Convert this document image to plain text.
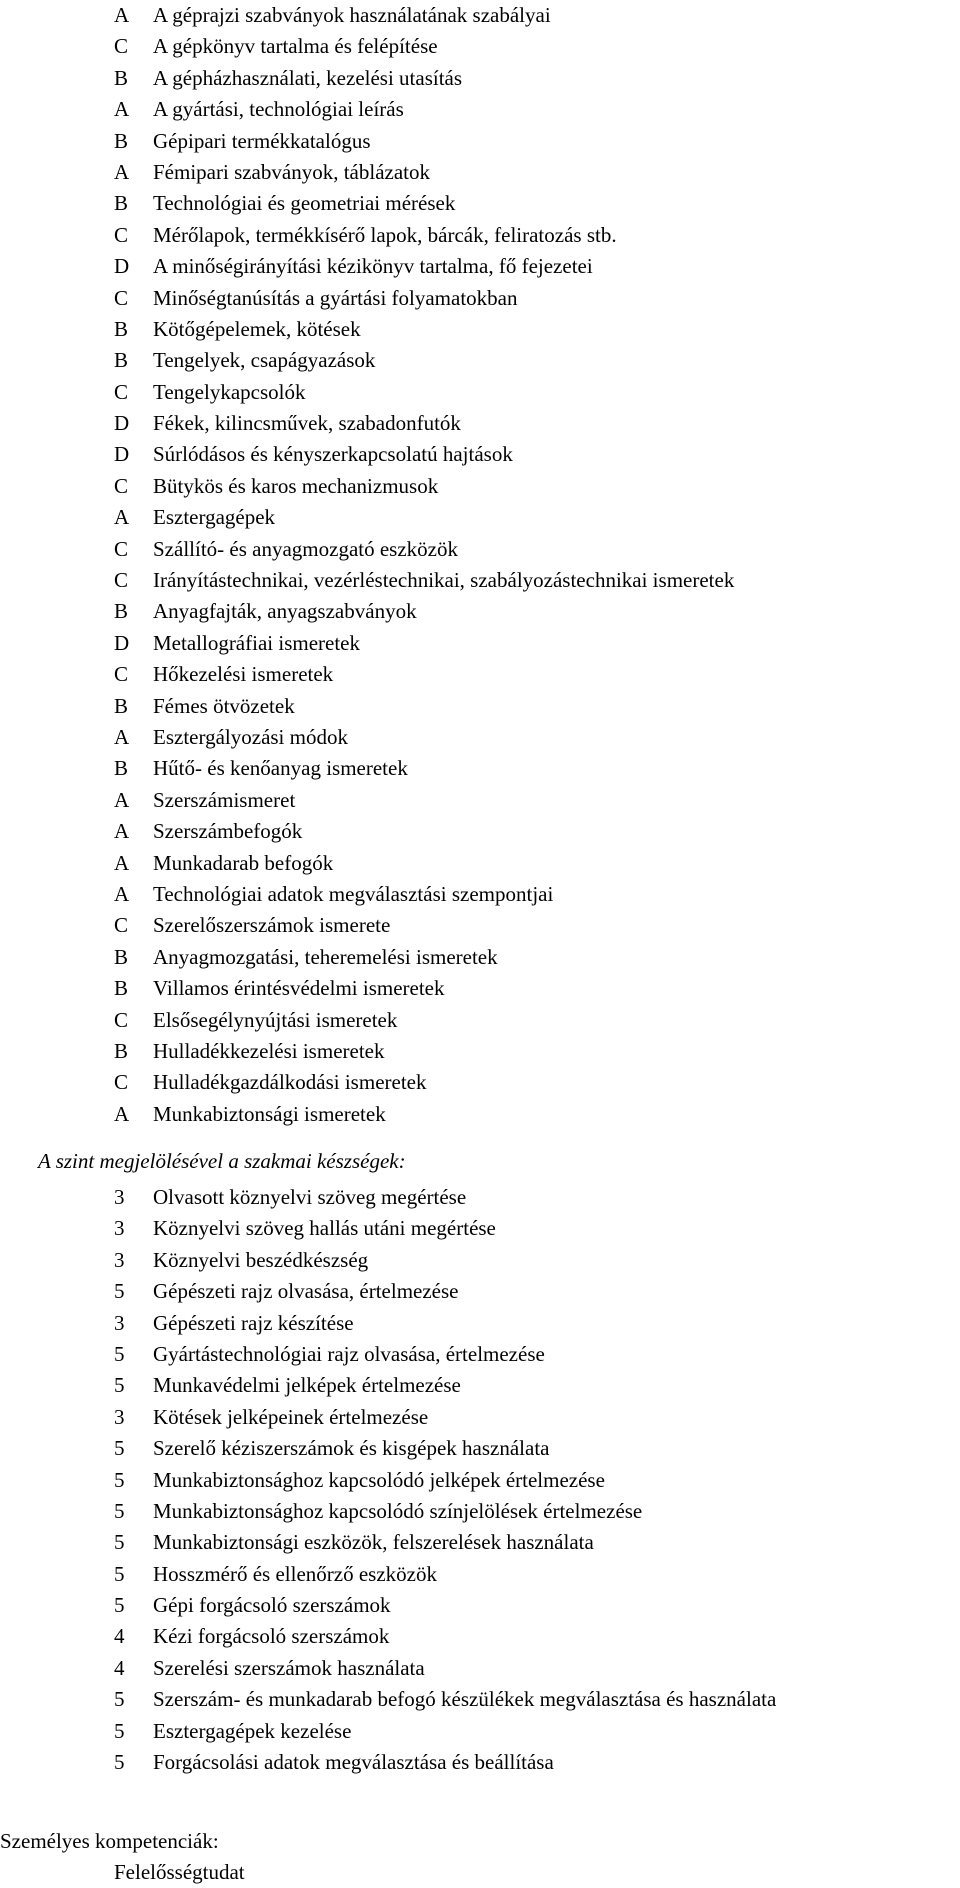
A	A géprajzi szabványok használatának szabályai
C	A gépkönyv tartalma és felépítése
B	A gépházhasználati, kezelési utasítás
A	A gyártási, technológiai leírás
B	Gépipari termékkatalógus
A	Fémipari szabványok, táblázatok
B	Technológiai és geometriai mérések
C	Mérőlapok, termékkísérő lapok, bárcák, feliratozás stb.
D	A minőségirányítási kézikönyv tartalma, fő fejezetei
C	Minőségtanúsítás a gyártási folyamatokban
B	Kötőgépelemek, kötések
B	Tengelyek, csapágyazások
C	Tengelykapcsolók
D	Fékek, kilincsművek, szabadonfutók
D	Súrlódásos és kényszerkapcsolatú hajtások
C	Bütykös és karos mechanizmusok
A	Esztergagépek
C	Szállító- és anyagmozgató eszközök
C	Irányítástechnikai, vezérléstechnikai, szabályozástechnikai ismeretek
B	Anyagfajták, anyagszabványok
D	Metallográfiai ismeretek
C	Hőkezelési ismeretek
B	Fémes ötvözetek
A	Esztergályozási módok
B	Hűtő- és kenőanyag ismeretek
A	Szerszámismeret
A	Szerszámbefogók
A	Munkadarab befogók
A	Technológiai adatok megválasztási szempontjai
C	Szerelőszerszámok ismerete
B	Anyagmozgatási, teheremelési ismeretek
B	Villamos érintésvédelmi ismeretek
C	Elsősegélynyújtási ismeretek
B	Hulladékkezelési ismeretek
C	Hulladékgazdálkodási ismeretek
A	Munkabiztonsági ismeretek
A szint megjelölésével a szakmai készségek:
3	Olvasott köznyelvi szöveg megértése
3	Köznyelvi szöveg hallás utáni megértése
3	Köznyelvi beszédkészség
5	Gépészeti rajz olvasása, értelmezése
3	Gépészeti rajz készítése
5	Gyártástechnológiai rajz olvasása, értelmezése
5	Munkavédelmi jelképek értelmezése
3	Kötések jelképeinek értelmezése
5	Szerelő kéziszerszámok és kisgépek használata
5	Munkabiztonsághoz kapcsolódó jelképek értelmezése
5	Munkabiztonsághoz kapcsolódó színjelölések értelmezése
5	Munkabiztonsági eszközök, felszerelések használata
5	Hosszmérő és ellenőrző eszközök
5	Gépi forgácsoló szerszámok
4	Kézi forgácsoló szerszámok
4	Szerelési szerszámok használata
5	Szerszám- és munkadarab befogó készülékek megválasztása és használata
5	Esztergagépek kezelése
5	Forgácsolási adatok megválasztása és beállítása
Személyes kompetenciák:
Felelősségtudat
